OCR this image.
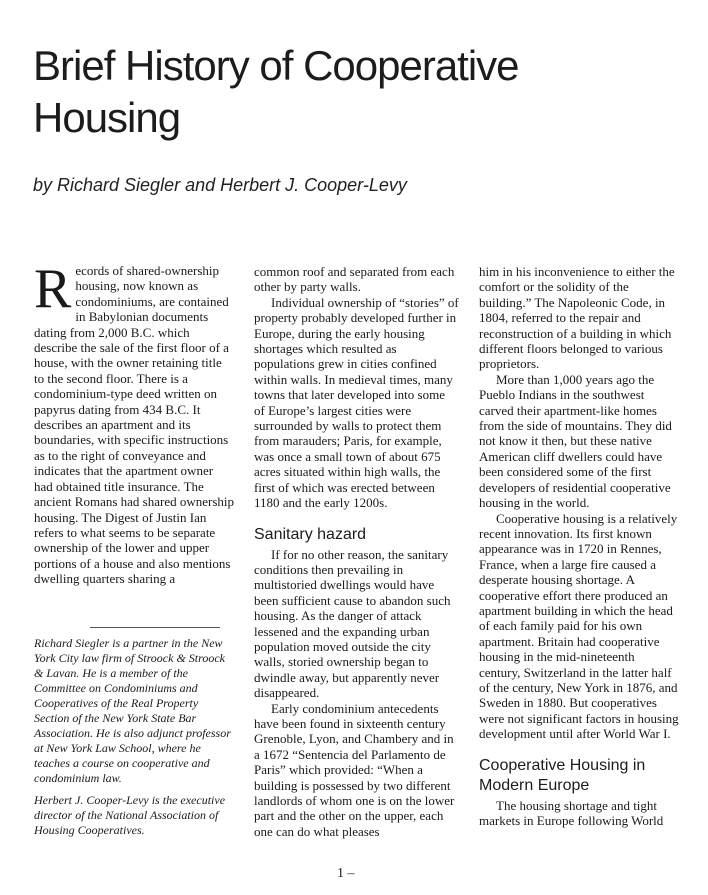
Brief History of Cooperative
Housing
by Richard Siegler and Herbert J. Cooper-Levy

Records of shared-ownership housing, now known as condominiums, are contained in Babylonian documents dating from 2,000 B.C. which describe the sale of the first floor of a house, with the owner retaining title to the second floor. There is a condominium-type deed written on papyrus dating from 434 B.C. It describes an apartment and its boundaries, with specific instructions as to the right of conveyance and indicates that the apartment owner had obtained title insurance. The ancient Romans had shared ownership housing. The Digest of Justin Ian refers to what seems to be separate ownership of the lower and upper portions of a house and also mentions dwelling quarters sharing a

Richard Siegler is a partner in the New York City law firm of Stroock & Stroock & Lavan. He is a member of the Committee on Condominiums and Cooperatives of the Real Property Section of the New York State Bar Association. He is also adjunct professor at New York Law School, where he teaches a course on cooperative and condominium law.
Herbert J. Cooper-Levy is the executive director of the National Association of Housing Cooperatives.

common roof and separated from each other by party walls.

Individual ownership of “stories” of property probably developed further in Europe, during the early housing shortages which resulted as populations grew in cities confined within walls. In medieval times, many towns that later developed into some of Europe’s largest cities were surrounded by walls to protect them from marauders; Paris, for example, was once a small town of about 675 acres situated within high walls, the first of which was erected between 1180 and the early 1200s.

Sanitary hazard

If for no other reason, the sanitary conditions then prevailing in multistoried dwellings would have been sufficient cause to abandon such housing. As the danger of attack lessened and the expanding urban population moved outside the city walls, storied ownership began to dwindle away, but apparently never disappeared.

Early condominium antecedents have been found in sixteenth century Grenoble, Lyon, and Chambery and in a 1672 “Sentencia del Parlamento de Paris” which provided: “When a building is possessed by two different landlords of whom one is on the lower part and the other on the upper, each one can do what pleases

him in his inconvenience to either the comfort or the solidity of the building.” The Napoleonic Code, in 1804, referred to the repair and reconstruction of a building in which different floors belonged to various proprietors.

More than 1,000 years ago the Pueblo Indians in the southwest carved their apartment-like homes from the side of mountains. They did not know it then, but these native American cliff dwellers could have been considered some of the first developers of residential cooperative housing in the world.

Cooperative housing is a relatively recent innovation. Its first known appearance was in 1720 in Rennes, France, when a large fire caused a desperate housing shortage. A cooperative effort there produced an apartment building in which the head of each family paid for his own apartment. Britain had cooperative housing in the mid-nineteenth century, Switzerland in the latter half of the century, New York in 1876, and Sweden in 1880. But cooperatives were not significant factors in housing development until after World War I.

Cooperative Housing in Modern Europe

The housing shortage and tight markets in Europe following World

1 –
